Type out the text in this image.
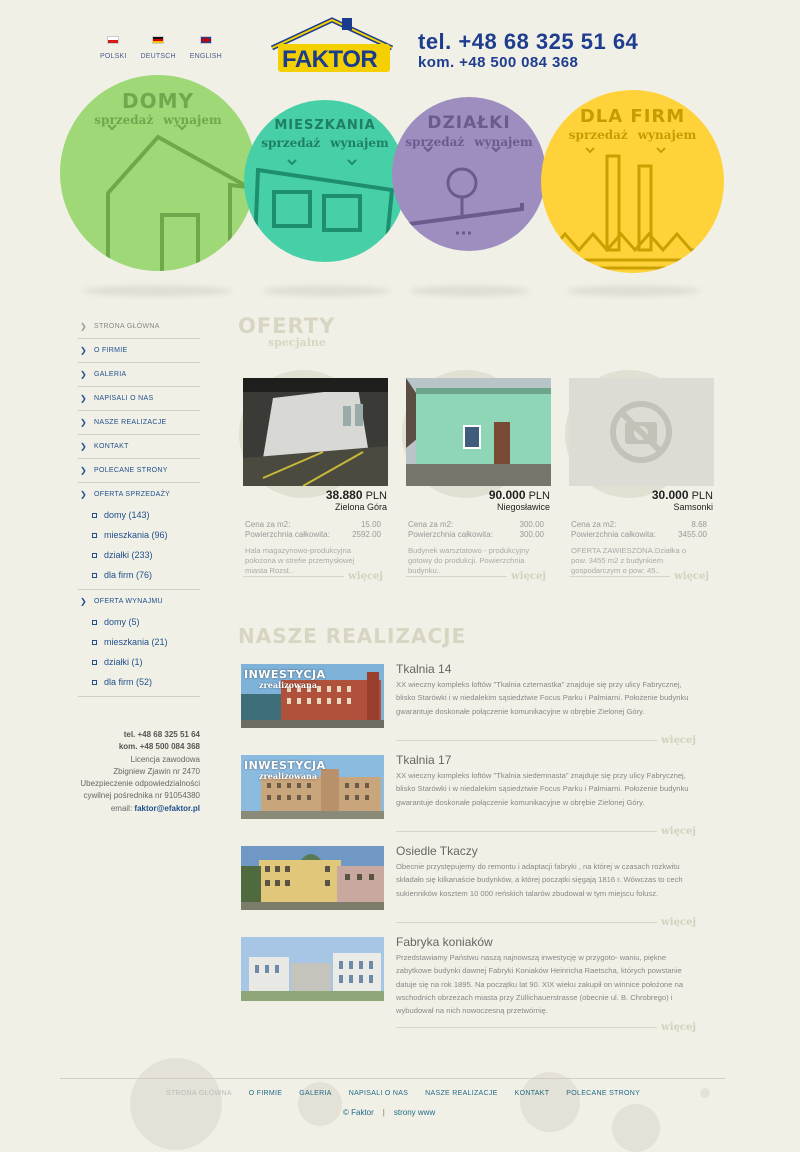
POLSKI DEUTSCH ENGLISH	FAKTOR
tel. +48 68 325 51 64
kom. +48 500 084 368
DOMY
sprzedaż wynajem	MIESZKANIA
sprzedaż wynajem
DZIAŁKI
sprzedaż wynajem
DLA FIRM
sprzedaż wynajem
❯ STRONA GŁÓWNA
❯ O FIRMIE
❯ GALERIA
❯ NAPISALI O NAS
❯ NASZE REALIZACJE
❯ KONTAKT
❯ POLECANE STRONY
❯ OFERTA SPRZEDAŻY
domy (143)
mieszkania (96)
działki (233)
dla firm (76)
❯ OFERTA WYNAJMU
domy (5)
mieszkania (21)
działki (1)
dla firm (52)
tel. +48 68 325 51 64
kom. +48 500 084 368
Licencja zawodowa
Zbigniew Zjawin nr 2470
Ubezpieczenie odpowiedzialności
cywilnej pośrednika nr 91054380
email: faktor@efaktor.pl
OFERTY
specjalne
38.880 PLN
Zielona Góra
Cena za m2:	15.00
Powierzchnia całkowita:	2592.00
Hala magazynowo-produkcyjna położona w strefie przemysłowej miasta Rozst..
więcej
90.000 PLN
Niegosławice
Cena za m2:	300.00
Powierzchnia całkowita:	300.00
Budynek warsztatowo - produkcyjny gotowy do produkcji. Powierzchnia budynku..
więcej
30.000 PLN
Samsonki
Cena za m2:	8.68
Powierzchnia całkowita:	3455.00
OFERTA ZAWIESZONA.Działka o pow. 3455 m2 z budynkiem gospodarczym o pow: 45..
więcej
NASZE REALIZACJE
INWESTYCJA
zrealizowana
Tkalnia 14
XX wieczny kompleks loftów "Tkalnia czternastka" znajduje się przy ulicy Fabrycznej, blisko Starówki i w niedalekim sąsiedztwie Focus Parku i Palmiarni. Położenie budynku gwarantuje doskonałe połączenie komunikacyjne w obrębie Zielonej Góry.
więcej
INWESTYCJA
zrealizowana
Tkalnia 17
XX wieczny kompleks loftów "Tkalnia siedemnasta" znajduje się przy ulicy Fabrycznej, blisko Starówki i w niedalekim sąsiedztwie Focus Parku i Palmiarni. Położenie budynku gwarantuje doskonałe połączenie komunikacyjne w obrębie Zielonej Góry.
więcej
Osiedle Tkaczy
Obecnie przystępujemy do remontu i adaptacji fabryki , na której w czasach rozkwitu składało się kilkanaście budynków, a której początki sięgają 1816 r. Wówczas to cech sukienników kosztem 10 000 reńskich talarów zbudował w tym miejscu folusz.
więcej
Fabryka koniaków
Przedstawiamy Państwu naszą najnowszą inwestycję w przygoto- waniu, piękne zabytkowe budynki dawnej Fabryki Koniaków Heinricha Raetscha, których powstanie datuje się na rok 1895. Na początku lat 90. XIX wieku zakupił on winnice położone na wschodnich obrzeżach miasta przy Züllichauerstrasse (obecnie ul. B. Chrobrego) i wybudował na nich nowoczesną przetwórnię.
więcej
STRONA GŁÓWNA O FIRMIE GALERIA NAPISALI O NAS NASZE REALIZACJE KONTAKT POLECANE STRONY
© Faktor | strony www
